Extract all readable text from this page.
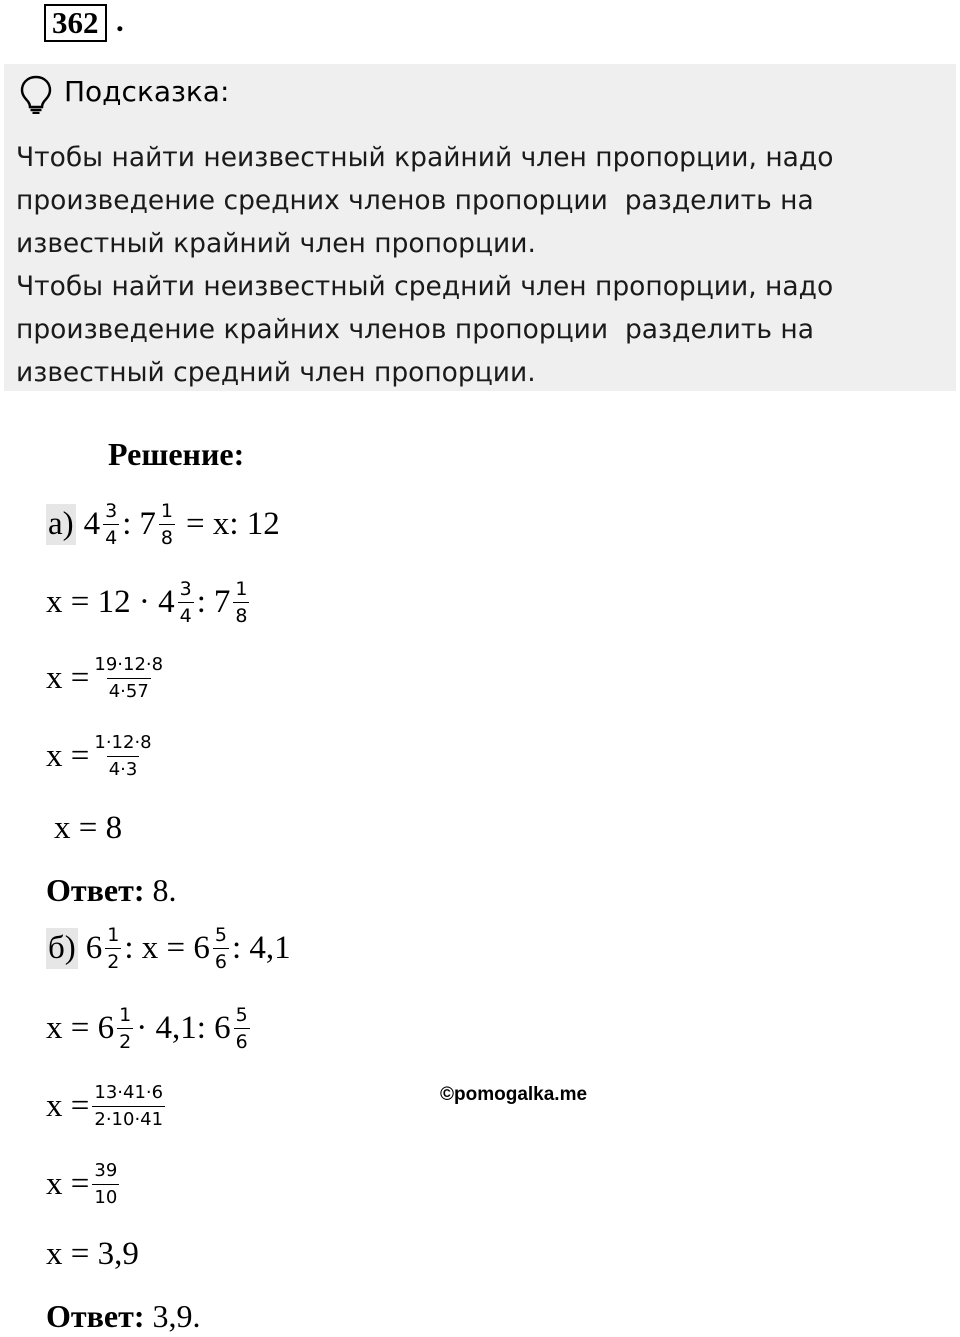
362 .
Подсказка:
Чтобы найти неизвестный крайний член пропорции, надо
произведение средних членов пропорции  разделить на
известный крайний член пропорции.
Чтобы найти неизвестный средний член пропорции, надо
произведение крайних членов пропорции  разделить на
известный средний член пропорции.
Решение:
а) $4 \frac{3}{4}$ : $7 \frac{1}{8} = x$: 12
$x = 12 \cdot 4 \frac{3}{4}$ : $7 \frac{1}{8}$
$x = \frac{19\cdot 12\cdot 8}{4\cdot 57}$
$x = \frac{1\cdot 12\cdot 8}{4\cdot 3}$
x = 8
Ответ: 8.
б) $6 \frac{1}{2}$ : $x = 6 \frac{5}{6}$ : 4,1
$x = 6 \frac{1}{2} \cdot 4,1$: $6 \frac{5}{6}$
$x = \frac{13\cdot 41\cdot 6}{2\cdot 10\cdot 41}$
$x = \frac{39}{10}$
x = 3,9
Ответ: 3,9.
©pomogalka.me
